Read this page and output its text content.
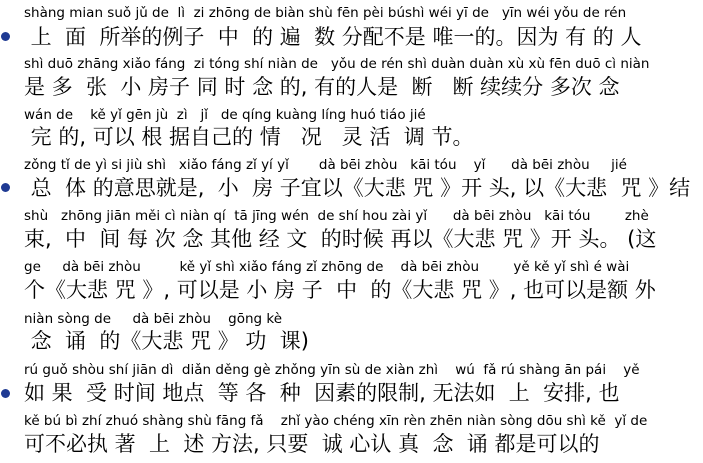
shàng mian suǒ jǔ de  lì  zi zhōng de biàn shù fēn pèi búshì wéi yī de   yīn wéi yǒu de rén
上  面  所举的例子  中  的 遍  数 分配不是 唯一的。因为 有 的 人
shì duō zhāng xiǎo fáng  zi tóng shí niàn de   yǒu de rén shì duàn duàn xù xù fēn duō cì niàn
是 多  张  小 房子 同 时 念 的, 有的人是  断   断 续续分 多次 念
wán de    kě yǐ gēn jù  zì   jǐ   de qíng kuàng líng huó tiáo jié
完 的, 可以 根 据自己的 情   况   灵 活  调 节。
zǒng tǐ de yì si jiù shì   xiǎo fáng zǐ yí yǐ       dà bēi zhòu   kāi tóu    yǐ      dà bēi zhòu     jié
总  体 的意思就是,  小  房 子宜以《大悲 咒 》开 头, 以《大悲  咒 》结
shù   zhōng jiān měi cì niàn qí  tā jīng wén  de shí hou zài yǐ      dà bēi zhòu   kāi tóu        zhè
束,  中  间 每 次 念 其他 经 文  的时候 再以《大悲 咒 》开 头。 (这
ge     dà bēi zhòu         kě yǐ shì xiǎo fáng zǐ zhōng de    dà bēi zhòu        yě kě yǐ shì é wài
个《大悲 咒 》, 可以是 小 房 子  中  的《大悲 咒 》, 也可以是额 外
niàn sòng de     dà bēi zhòu    gōng kè
念  诵  的《大悲 咒 》 功  课)
rú guǒ shòu shí jiān dì  diǎn děng gè zhǒng yīn sù de xiàn zhì    wú  fǎ rú shàng ān pái    yě
如 果  受 时间 地点  等 各  种  因素的限制, 无法如  上  安排, 也
kě bú bì zhí zhuó shàng shù fāng fǎ    zhǐ yào chéng xīn rèn zhēn niàn sòng dōu shì kě  yǐ de
可不必执 著  上  述 方法, 只要  诚 心认 真  念  诵 都是可以的
